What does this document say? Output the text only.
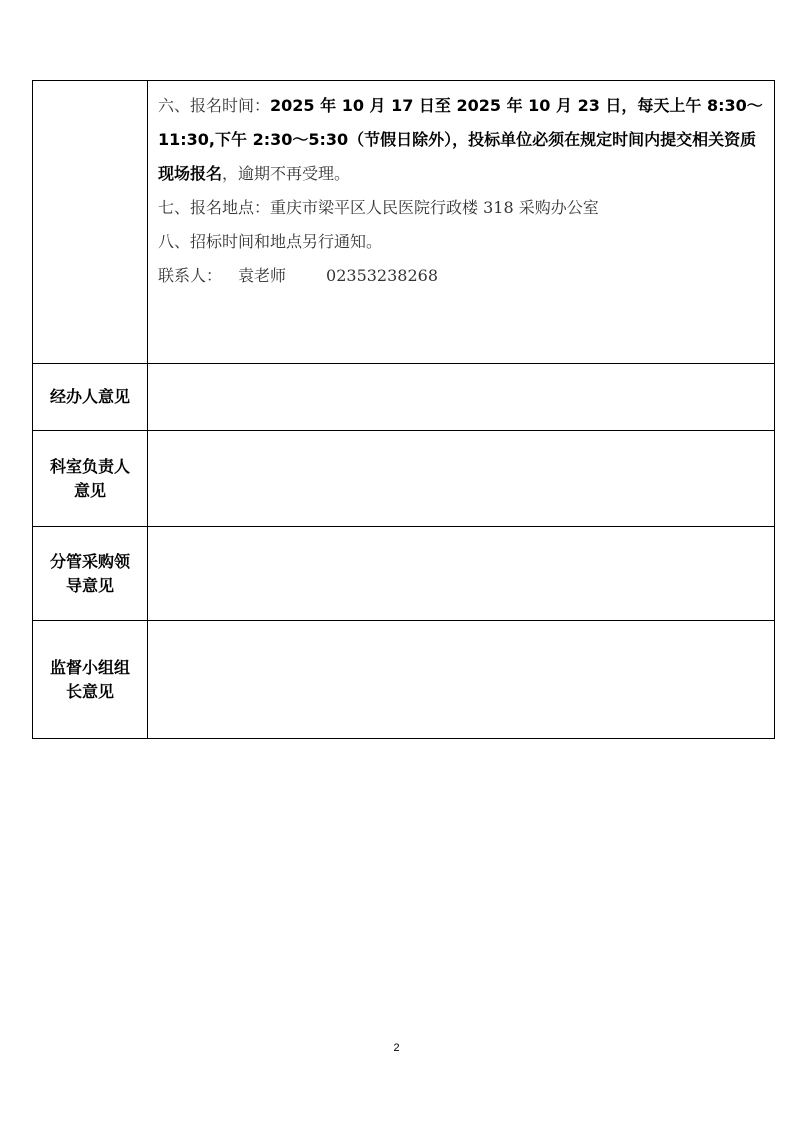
	六、报名时间：2025 年 10 月 17 日至 2025 年 10 月 23 日，每天上午 8:30～11:30,下午 2:30～5:30（节假日除外），投标单位必须在规定时间内提交相关资质现场报名，逾期不再受理。

七、报名地点：重庆市梁平区人民医院行政楼 318 采购办公室

八、招标时间和地点另行通知。

联系人： 袁老师 02353238268

经办人意见	

科室负责人
意见	

分管采购领
导意见	

监督小组组
长意见	

2
